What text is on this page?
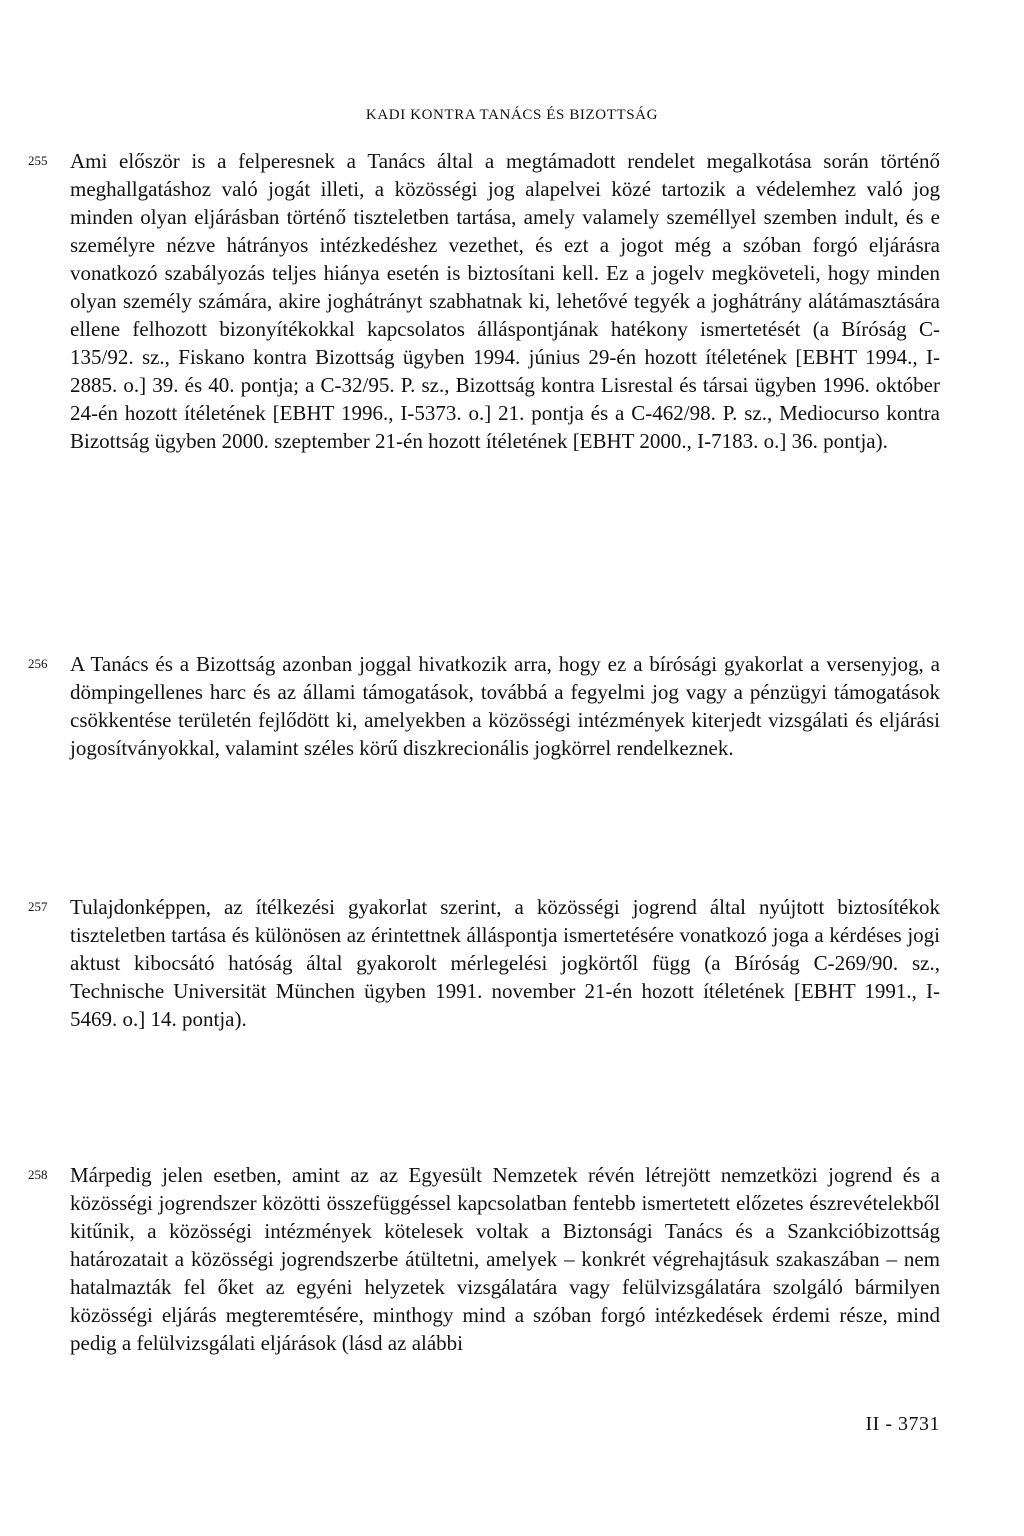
KADI KONTRA TANÁCS ÉS BIZOTTSÁG
255 Ami először is a felperesnek a Tanács által a megtámadott rendelet megalkotása során történő meghallgatáshoz való jogát illeti, a közösségi jog alapelvei közé tartozik a védelemhez való jog minden olyan eljárásban történő tiszteletben tartása, amely valamely személlyel szemben indult, és e személyre nézve hátrányos intézkedéshez vezethet, és ezt a jogot még a szóban forgó eljárásra vonatkozó szabályozás teljes hiánya esetén is biztosítani kell. Ez a jogelv megköveteli, hogy minden olyan személy számára, akire joghátrányt szabhatnak ki, lehetővé tegyék a joghátrány alátámasztására ellene felhozott bizonyítékokkal kapcsolatos álláspontjának hatékony ismertetését (a Bíróság C-135/92. sz., Fiskano kontra Bizottság ügyben 1994. június 29-én hozott ítéletének [EBHT 1994., I-2885. o.] 39. és 40. pontja; a C-32/95. P. sz., Bizottság kontra Lisrestal és társai ügyben 1996. október 24-én hozott ítéletének [EBHT 1996., I-5373. o.] 21. pontja és a C-462/98. P. sz., Mediocurso kontra Bizottság ügyben 2000. szeptember 21-én hozott ítéletének [EBHT 2000., I-7183. o.] 36. pontja).
256 A Tanács és a Bizottság azonban joggal hivatkozik arra, hogy ez a bírósági gyakorlat a versenyjog, a dömpingellenes harc és az állami támogatások, továbbá a fegyelmi jog vagy a pénzügyi támogatások csökkentése területén fejlődött ki, amelyekben a közösségi intézmények kiterjedt vizsgálati és eljárási jogosítványokkal, valamint széles körű diszkrecionális jogkörrel rendelkeznek.
257 Tulajdonképpen, az ítélkezési gyakorlat szerint, a közösségi jogrend által nyújtott biztosítékok tiszteletben tartása és különösen az érintettnek álláspontja ismertetésére vonatkozó joga a kérdéses jogi aktust kibocsátó hatóság által gyakorolt mérlegelési jogkörtől függ (a Bíróság C-269/90. sz., Technische Universität München ügyben 1991. november 21-én hozott ítéletének [EBHT 1991., I-5469. o.] 14. pontja).
258 Márpedig jelen esetben, amint az az Egyesült Nemzetek révén létrejött nemzetközi jogrend és a közösségi jogrendszer közötti összefüggéssel kapcsolatban fentebb ismertetett előzetes észrevételekből kitűnik, a közösségi intézmények kötelesek voltak a Biztonsági Tanács és a Szankcióbizottság határozatait a közösségi jogrendszerbe átültetni, amelyek – konkrét végrehajtásuk szakaszában – nem hatalmazták fel őket az egyéni helyzetek vizsgálatára vagy felülvizsgálatára szolgáló bármilyen közösségi eljárás megteremtésére, minthogy mind a szóban forgó intézkedések érdemi része, mind pedig a felülvizsgálati eljárások (lásd az alábbi
II - 3731
